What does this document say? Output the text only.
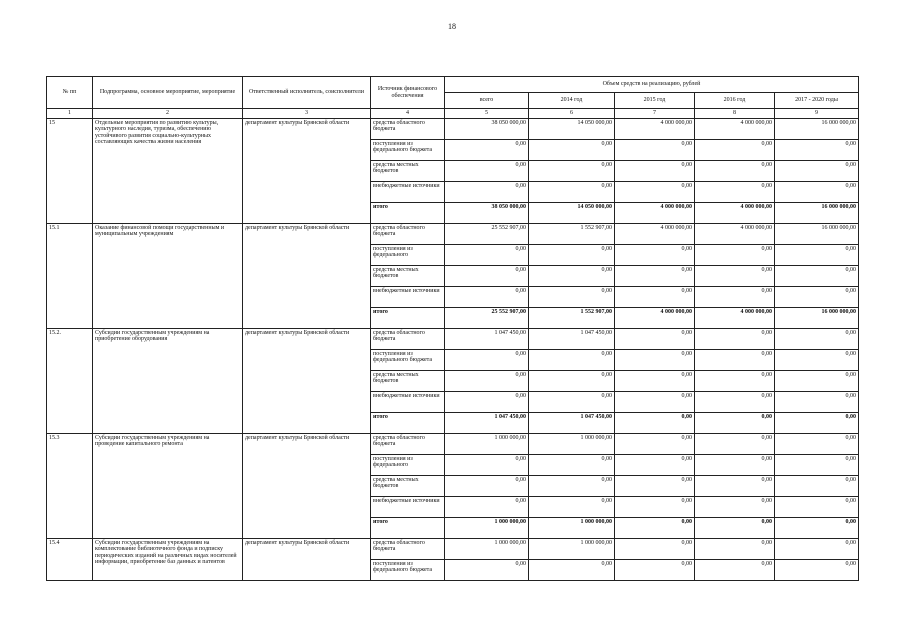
18
№ пп	Подпрограмма, основное мероприятие, мероприятие	Ответственный исполнитель, соисполнители	Источник финансового обеспечения	Объем средств на реализацию, рублей				
				всего	2014 год	2015 год	2016 год	2017 - 2020 годы
1	2	3	4	5	6	7	8	9
15	Отдельные мероприятия по развитию культуры, культурного наследия, туризма, обеспечению устойчивого развития социально-культурных составляющих качества жизни населения	департамент культуры Брянской области	средства областного бюджета	38 050 000,00	14 050 000,00	4 000 000,00	4 000 000,00	16 000 000,00
			поступления из федерального бюджета	0,00	0,00	0,00	0,00	0,00
			средства местных бюджетов	0,00	0,00	0,00	0,00	0,00
			внебюджетные источники	0,00	0,00	0,00	0,00	0,00
			итого	38 050 000,00	14 050 000,00	4 000 000,00	4 000 000,00	16 000 000,00
15.1	Оказание финансовой помощи государственным и муниципальным учреждениям	департамент культуры Брянской области	средства областного бюджета	25 552 907,00	1 552 907,00	4 000 000,00	4 000 000,00	16 000 000,00
			поступления из федерального	0,00	0,00	0,00	0,00	0,00
			средства местных бюджетов	0,00	0,00	0,00	0,00	0,00
			внебюджетные источники	0,00	0,00	0,00	0,00	0,00
			итого	25 552 907,00	1 552 907,00	4 000 000,00	4 000 000,00	16 000 000,00
15.2.	Субсидии государственным учреждениям на приобретение оборудования	департамент культуры Брянской области	средства областного бюджета	1 047 450,00	1 047 450,00	0,00	0,00	0,00
			поступления из федерального бюджета	0,00	0,00	0,00	0,00	0,00
			средства местных бюджетов	0,00	0,00	0,00	0,00	0,00
			внебюджетные источники	0,00	0,00	0,00	0,00	0,00
			итого	1 047 450,00	1 047 450,00	0,00	0,00	0,00
15.3	Субсидии государственным учреждениям на проведение капитального ремонта	департамент культуры Брянской области	средства областного бюджета	1 000 000,00	1 000 000,00	0,00	0,00	0,00
			поступления из федерального	0,00	0,00	0,00	0,00	0,00
			средства местных бюджетов	0,00	0,00	0,00	0,00	0,00
			внебюджетные источники	0,00	0,00	0,00	0,00	0,00
			итого	1 000 000,00	1 000 000,00	0,00	0,00	0,00
15.4	Субсидии государственным учреждениям на комплектование библиотечного фонда и подписку периодических изданий на различных видах носителей информации, приобретение баз данных и патентов	департамент культуры Брянской области	средства областного бюджета	1 000 000,00	1 000 000,00	0,00	0,00	0,00
			поступления из федерального бюджета	0,00	0,00	0,00	0,00	0,00
